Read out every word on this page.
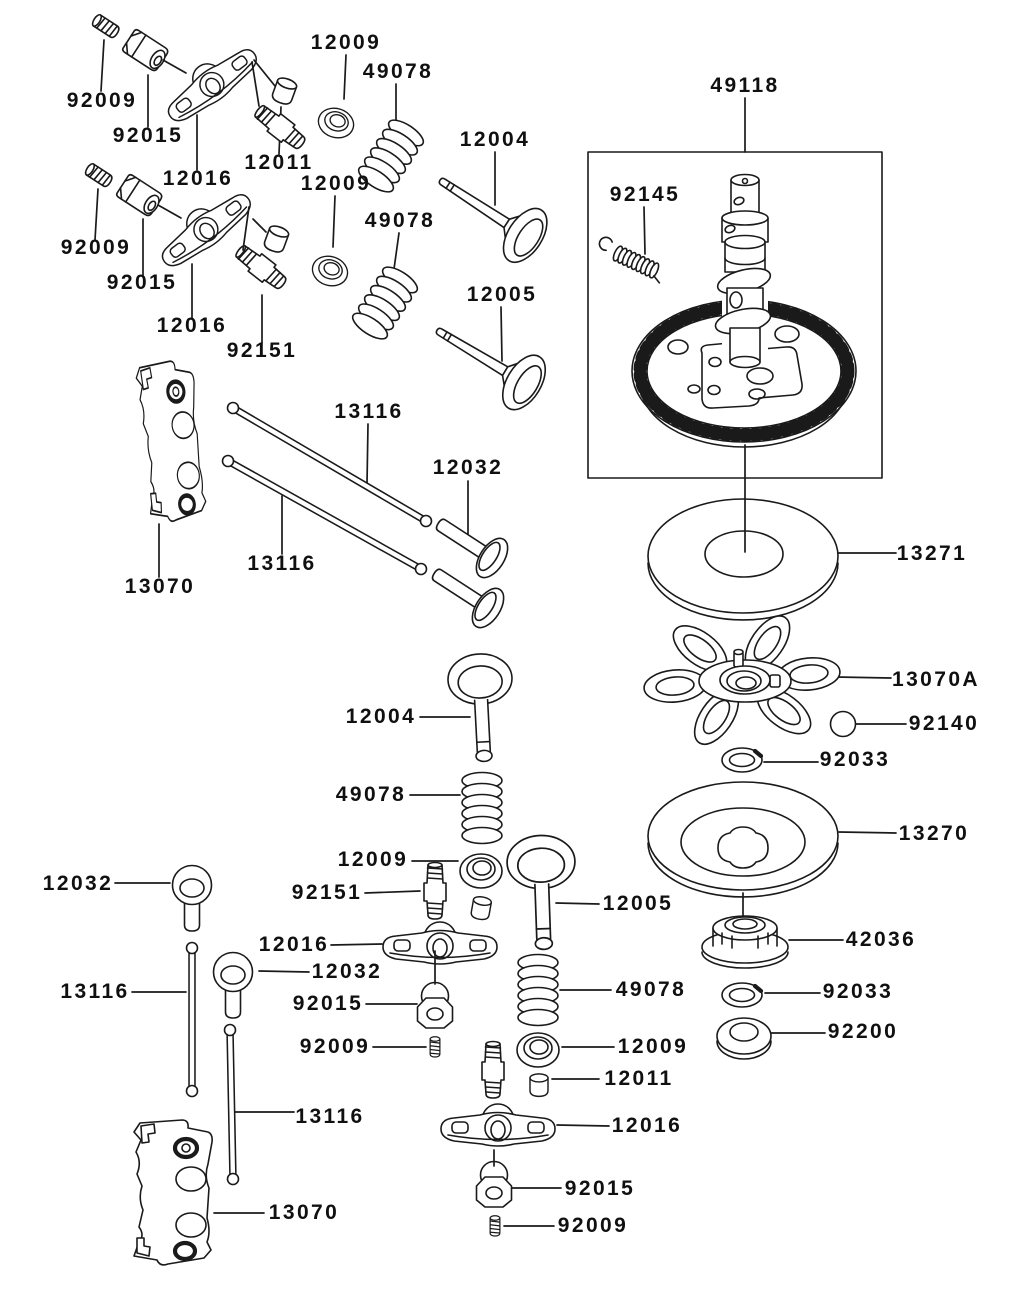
12009
49078
92009
92015	12004
12011
12016	12009
49078
92009
92015
12005
12016
92151
49118
92145
13271
13070A
92140
92033
13270
42036
92033
92200
13116
12032
13116
13070
12004
49078
12009
92151
12016
12032
92015
92009
12005
49078
12009
12011
12016
92015
92009
12032
13116
13116
13070
